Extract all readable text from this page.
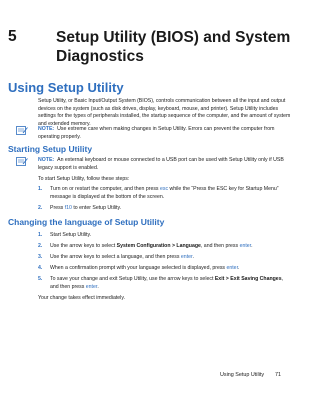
5	Setup Utility (BIOS) and System Diagnostics
Using Setup Utility
Setup Utility, or Basic Input/Output System (BIOS), controls communication between all the input and output devices on the system (such as disk drives, display, keyboard, mouse, and printer). Setup Utility includes settings for the types of peripherals installed, the startup sequence of the computer, and the amount of system and extended memory.
NOTE: Use extreme care when making changes in Setup Utility. Errors can prevent the computer from operating properly.
Starting Setup Utility
NOTE: An external keyboard or mouse connected to a USB port can be used with Setup Utility only if USB legacy support is enabled.
To start Setup Utility, follow these steps:
1. Turn on or restart the computer, and then press esc while the “Press the ESC key for Startup Menu” message is displayed at the bottom of the screen.
2. Press f10 to enter Setup Utility.
Changing the language of Setup Utility
1. Start Setup Utility.
2. Use the arrow keys to select System Configuration > Language, and then press enter.
3. Use the arrow keys to select a language, and then press enter.
4. When a confirmation prompt with your language selected is displayed, press enter.
5. To save your change and exit Setup Utility, use the arrow keys to select Exit > Exit Saving Changes, and then press enter.
Your change takes effect immediately.
Using Setup Utility 71
